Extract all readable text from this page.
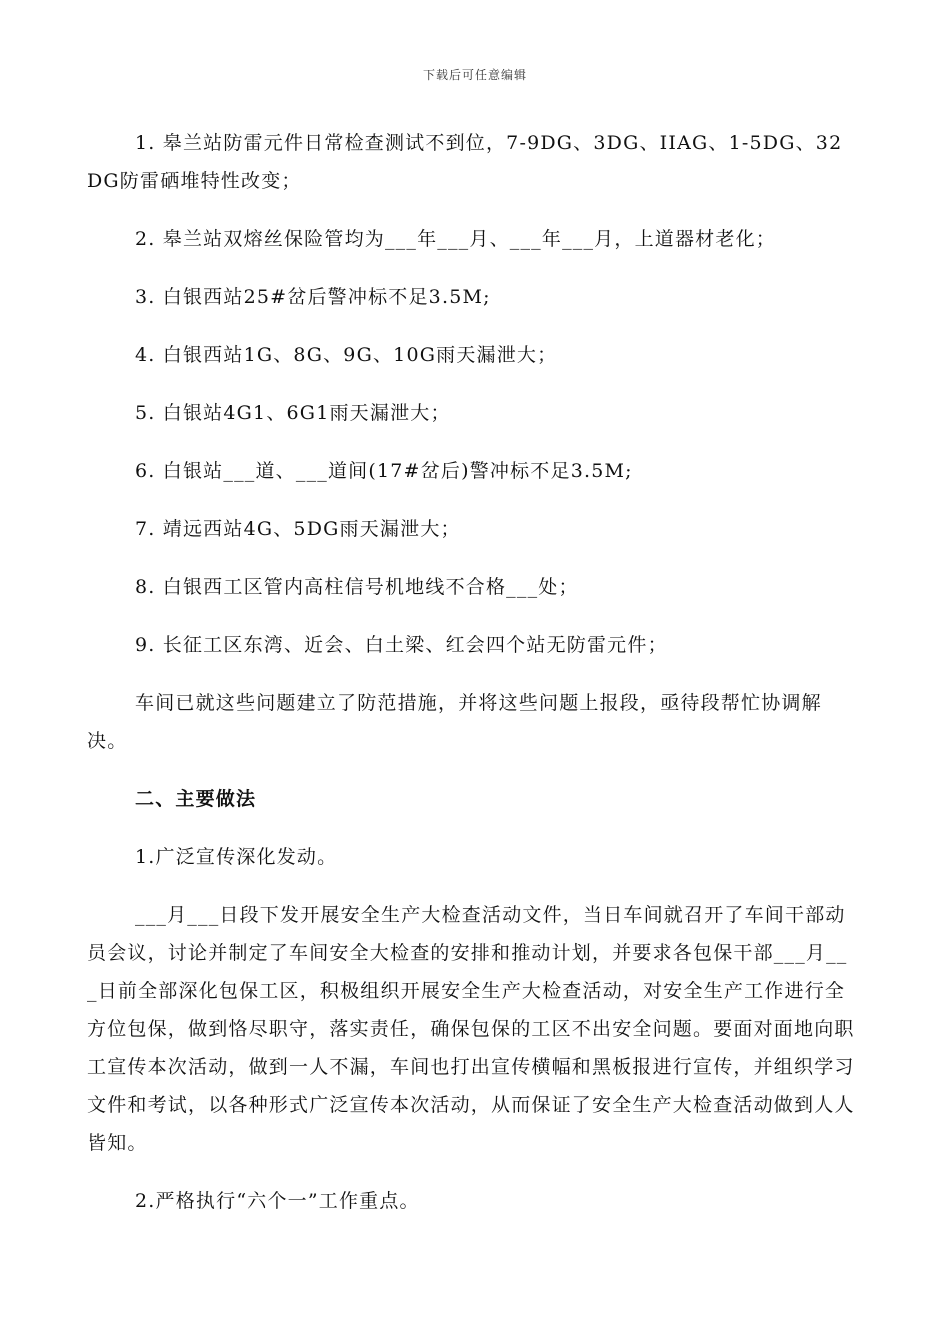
下载后可任意编辑

1. 皋兰站防雷元件日常检查测试不到位，7-9DG、3DG、IIAG、1-5DG、32DG防雷硒堆特性改变；

2. 皋兰站双熔丝保险管均为___年___月、___年___月，上道器材老化；

3. 白银西站25#岔后警冲标不足3.5M;

4. 白银西站1G、8G、9G、10G雨天漏泄大；

5. 白银站4G1、6G1雨天漏泄大；

6. 白银站___道、___道间(17#岔后)警冲标不足3.5M;

7. 靖远西站4G、5DG雨天漏泄大；

8. 白银西工区管内高柱信号机地线不合格___处；

9. 长征工区东湾、近会、白土梁、红会四个站无防雷元件；

车间已就这些问题建立了防范措施，并将这些问题上报段，亟待段帮忙协调解决。

二、主要做法

1.广泛宣传深化发动。

___月___日段下发开展安全生产大检查活动文件，当日车间就召开了车间干部动员会议，讨论并制定了车间安全大检查的安排和推动计划，并要求各包保干部___月___日前全部深化包保工区，积极组织开展安全生产大检查活动，对安全生产工作进行全方位包保，做到恪尽职守，落实责任，确保包保的工区不出安全问题。要面对面地向职工宣传本次活动，做到一人不漏，车间也打出宣传横幅和黑板报进行宣传，并组织学习文件和考试，以各种形式广泛宣传本次活动，从而保证了安全生产大检查活动做到人人皆知。

2.严格执行“六个一”工作重点。
